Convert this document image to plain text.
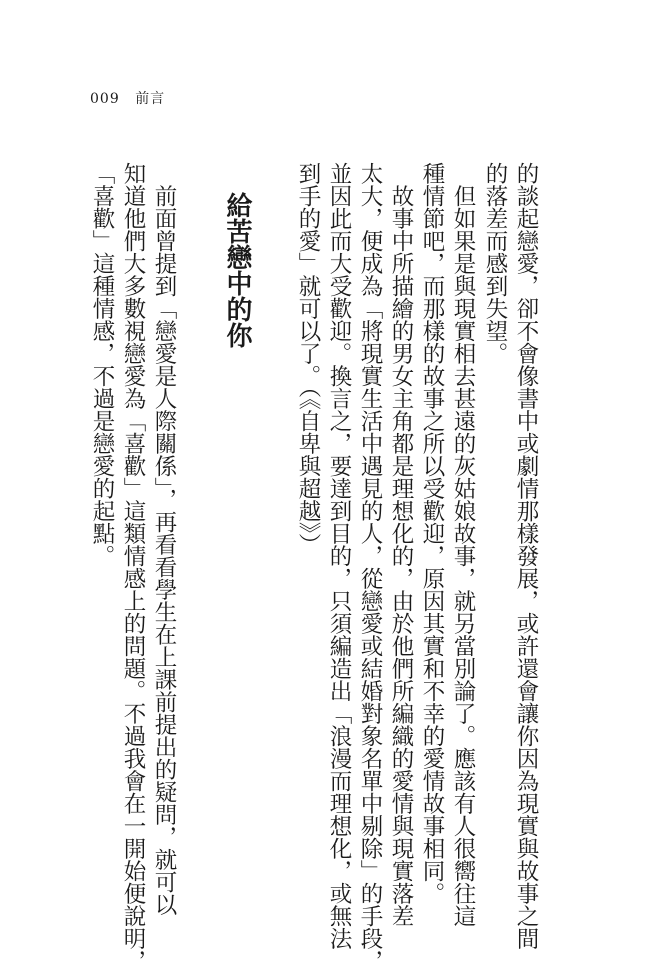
009 前言

的談起戀愛，卻不會像書中或劇情那樣發展，或許還會讓你因為現實與故事之間

的落差而感到失望。

　但如果是與現實相去甚遠的灰姑娘故事，就另當別論了。應該有人很嚮往這

種情節吧，而那樣的故事之所以受歡迎，原因其實和不幸的愛情故事相同。

　故事中所描繪的男女主角都是理想化的，由於他們所編織的愛情與現實落差

太大，便成為「將現實生活中遇見的人，從戀愛或結婚對象名單中剔除」的手段，

並因此而大受歡迎。換言之，要達到目的，只須編造出「浪漫而理想化，或無法

到手的愛」就可以了。（《自卑與超越》）

給苦戀中的你

　前面曾提到「戀愛是人際關係」，再看看學生在上課前提出的疑問，就可以

知道他們大多數視戀愛為「喜歡」這類情感上的問題。不過我會在一開始便說明，

「喜歡」這種情感，不過是戀愛的起點。
